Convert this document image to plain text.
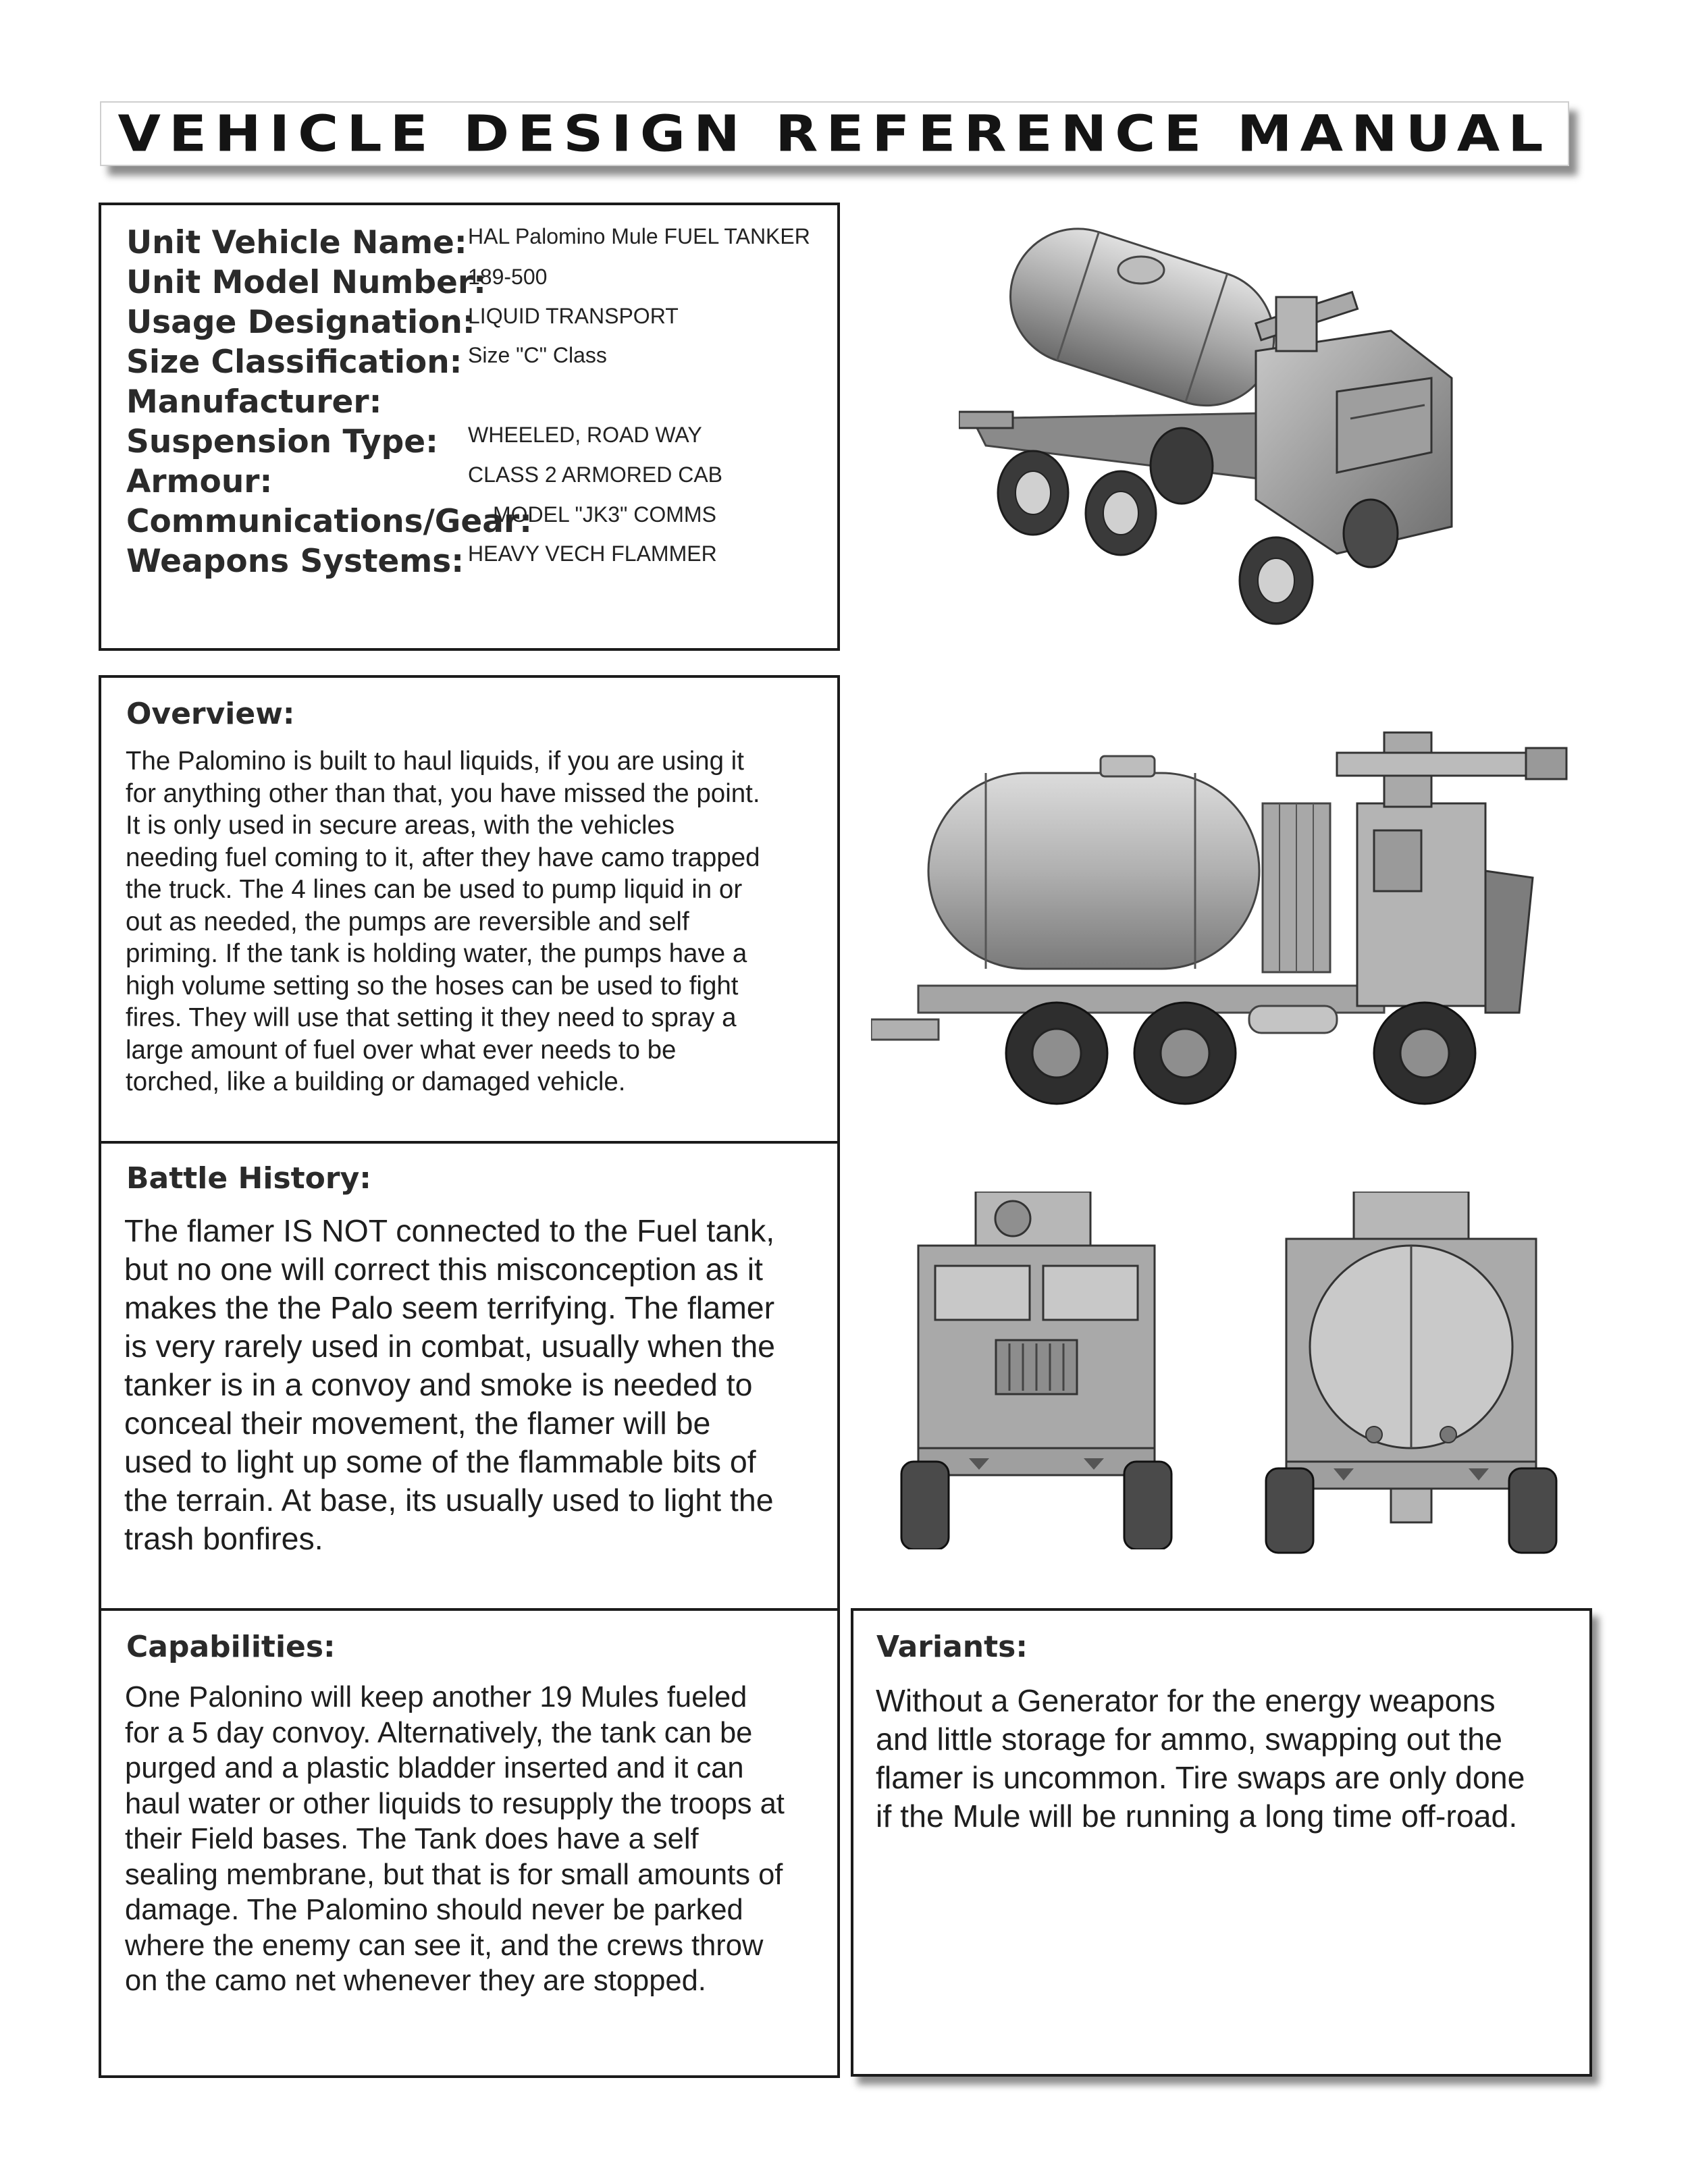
VEHICLE DESIGN REFERENCE MANUAL
Unit Vehicle Name:
Unit Model Number:
Usage Designation:
Size Classification:
Manufacturer:
Suspension Type:
Armour:
Communications/Gear:
Weapons Systems:
HAL Palomino Mule FUEL TANKER
189-500
LIQUID TRANSPORT
Size "C" Class
WHEELED, ROAD WAY
CLASS 2 ARMORED CAB
MODEL "JK3" COMMS
HEAVY VECH FLAMMER
Overview:
The Palomino is built to haul liquids, if you are using it
for anything other than that, you have missed the point.
It is only used in secure areas, with the vehicles
needing fuel coming to it, after they have camo trapped
the truck. The 4 lines can be used to pump liquid in or
out as needed, the pumps are reversible and self
priming. If the tank is holding water, the pumps have a
high volume setting so the hoses can be used to fight
fires. They will use that setting it they need to spray a
large amount of fuel over what ever needs to be
torched, like a building or damaged vehicle.
Battle History:
The flamer IS NOT connected to the Fuel tank,
but no one will correct this misconception as it
makes the the Palo seem terrifying. The flamer
is very rarely used in combat, usually when the
tanker is in a convoy and smoke is needed to
conceal their movement, the flamer will be
used to light up some of the flammable bits of
the terrain. At base, its usually used to light the
trash bonfires.
Capabilities:
One Palonino will keep another 19 Mules fueled
for a 5 day convoy. Alternatively, the tank can be
purged and a plastic bladder inserted and it can
haul water or other liquids to resupply the troops at
their Field bases. The Tank does have a self
sealing membrane, but that is for small amounts of
damage. The Palomino should never be parked
where the enemy can see it, and the crews throw
on the camo net whenever they are stopped.
Variants:
Without a Generator for the energy weapons
and little storage for ammo, swapping out the
flamer is uncommon. Tire swaps are only done
if the Mule will be running a long time off-road.
